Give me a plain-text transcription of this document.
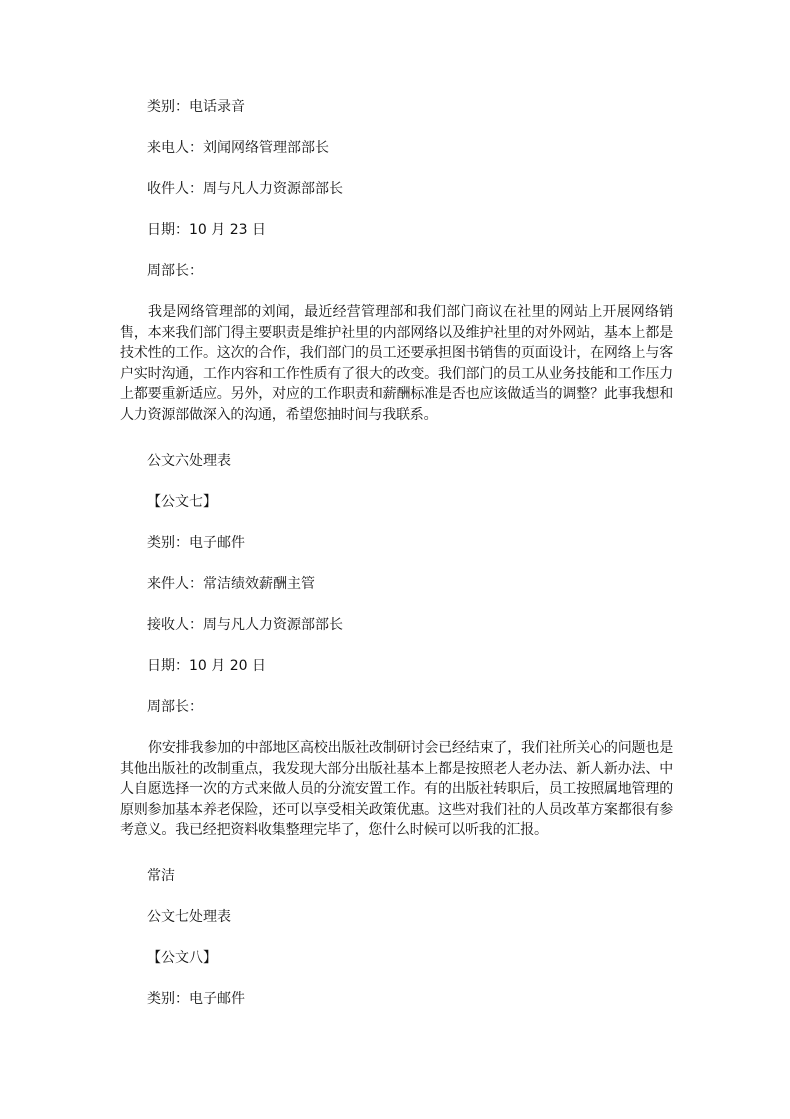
类别：电话录音
来电人：刘闻网络管理部部长
收件人：周与凡人力资源部部长
日期：10 月 23 日
周部长：
我是网络管理部的刘闻，最近经营管理部和我们部门商议在社里的网站上开展网络销售，本来我们部门得主要职责是维护社里的内部网络以及维护社里的对外网站，基本上都是技术性的工作。这次的合作，我们部门的员工还要承担图书销售的页面设计，在网络上与客户实时沟通，工作内容和工作性质有了很大的改变。我们部门的员工从业务技能和工作压力上都要重新适应。另外，对应的工作职责和薪酬标准是否也应该做适当的调整？此事我想和人力资源部做深入的沟通，希望您抽时间与我联系。
公文六处理表
【公文七】
类别：电子邮件
来件人：常洁绩效薪酬主管
接收人：周与凡人力资源部部长
日期：10 月 20 日
周部长：
你安排我参加的中部地区高校出版社改制研讨会已经结束了，我们社所关心的问题也是其他出版社的改制重点，我发现大部分出版社基本上都是按照老人老办法、新人新办法、中人自愿选择一次的方式来做人员的分流安置工作。有的出版社转职后，员工按照属地管理的原则参加基本养老保险，还可以享受相关政策优惠。这些对我们社的人员改革方案都很有参考意义。我已经把资料收集整理完毕了，您什么时候可以听我的汇报。
常洁
公文七处理表
【公文八】
类别：电子邮件
